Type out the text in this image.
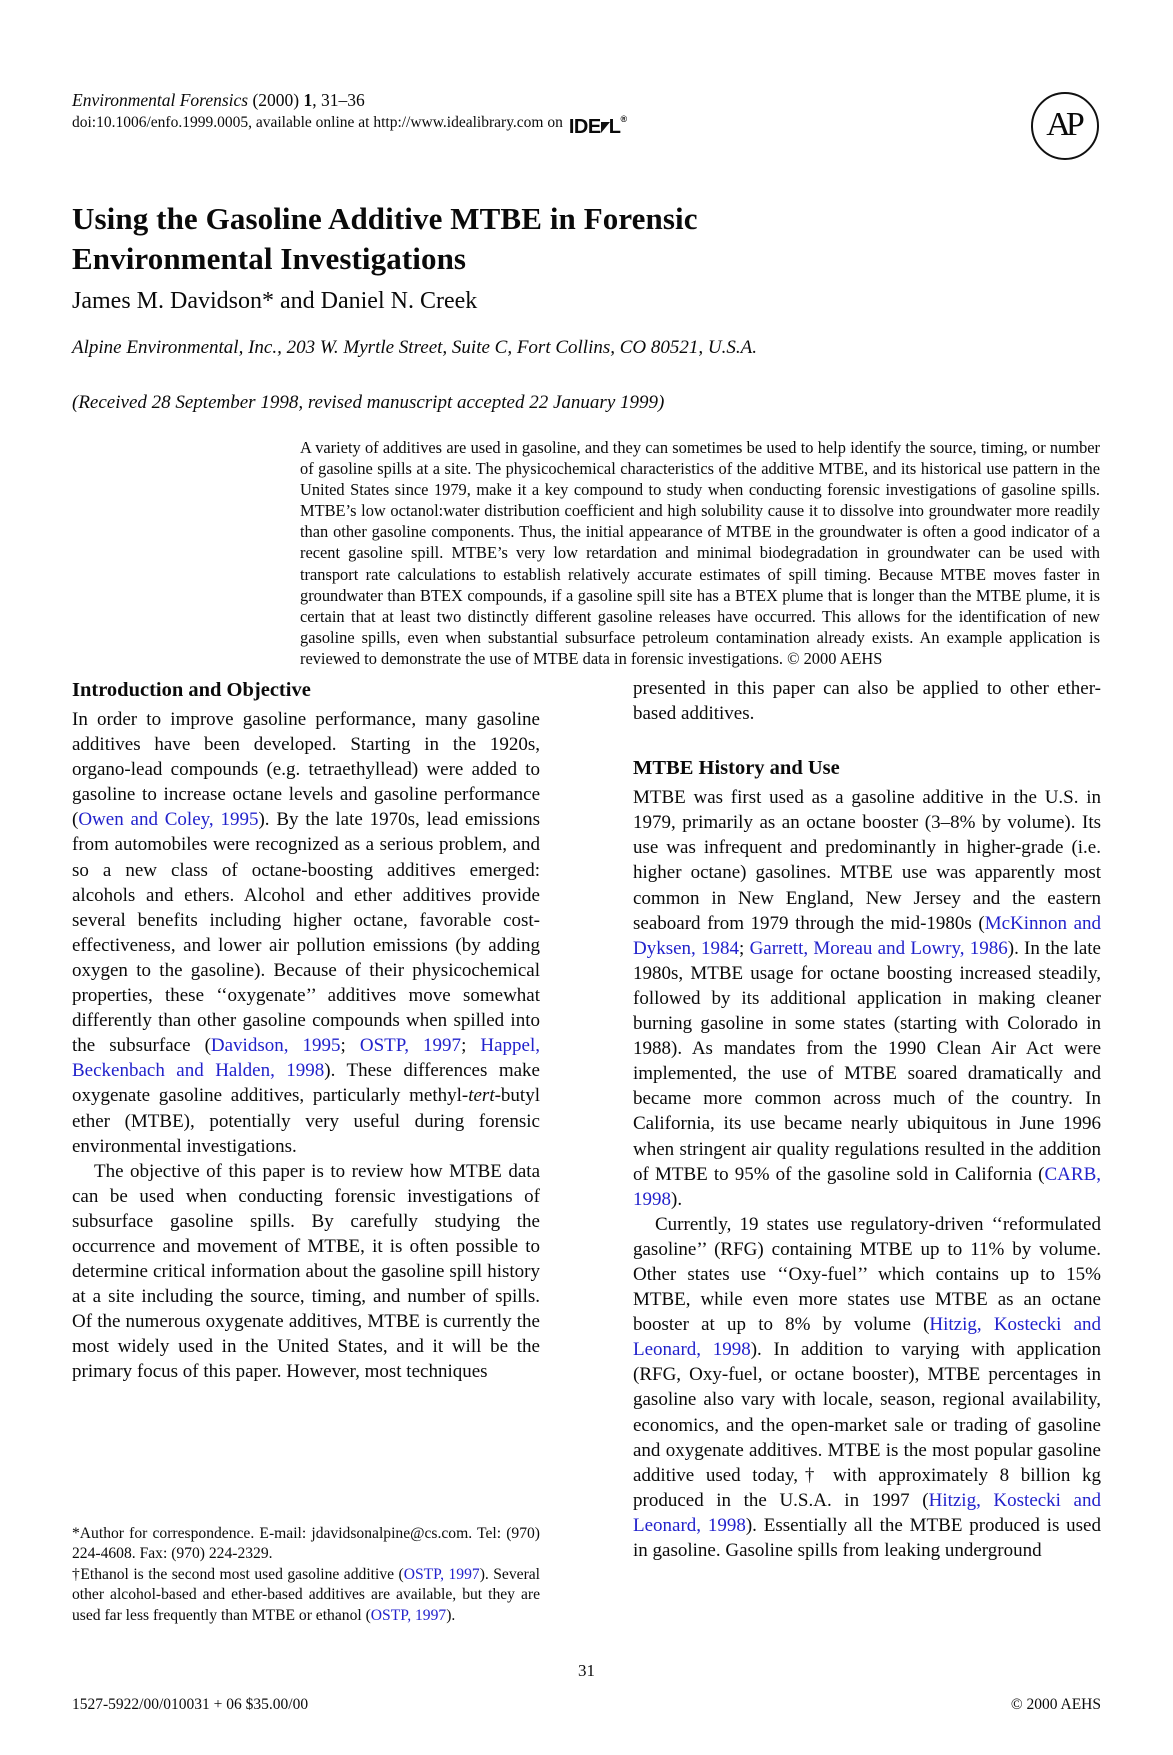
Environmental Forensics (2000) 1, 31–36
doi:10.1006/enfo.1999.0005, available online at http://www.idealibrary.com on IDE L ®	AP
Using the Gasoline Additive MTBE in Forensic Environmental Investigations
James M. Davidson* and Daniel N. Creek
Alpine Environmental, Inc., 203 W. Myrtle Street, Suite C, Fort Collins, CO 80521, U.S.A.
(Received 28 September 1998, revised manuscript accepted 22 January 1999)

A variety of additives are used in gasoline, and they can sometimes be used to help identify the source, timing, or number of gasoline spills at a site. The physicochemical characteristics of the additive MTBE, and its historical use pattern in the United States since 1979, make it a key compound to study when conducting forensic investigations of gasoline spills. MTBE’s low octanol:water distribution coefficient and high solubility cause it to dissolve into groundwater more readily than other gasoline components. Thus, the initial appearance of MTBE in the groundwater is often a good indicator of a recent gasoline spill. MTBE’s very low retardation and minimal biodegradation in groundwater can be used with transport rate calculations to establish relatively accurate estimates of spill timing. Because MTBE moves faster in groundwater than BTEX compounds, if a gasoline spill site has a BTEX plume that is longer than the MTBE plume, it is certain that at least two distinctly different gasoline releases have occurred. This allows for the identification of new gasoline spills, even when substantial subsurface petroleum contamination already exists. An example application is reviewed to demonstrate the use of MTBE data in forensic investigations. © 2000 AEHS

Introduction and Objective

In order to improve gasoline performance, many gasoline additives have been developed. Starting in the 1920s, organo-lead compounds (e.g. tetraethyllead) were added to gasoline to increase octane levels and gasoline performance (Owen and Coley, 1995). By the late 1970s, lead emissions from automobiles were recognized as a serious problem, and so a new class of octane-boosting additives emerged: alcohols and ethers. Alcohol and ether additives provide several benefits including higher octane, favorable cost-effectiveness, and lower air pollution emissions (by adding oxygen to the gasoline). Because of their physicochemical properties, these ‘‘oxygenate’’ additives move somewhat differently than other gasoline compounds when spilled into the subsurface (Davidson, 1995; OSTP, 1997; Happel, Beckenbach and Halden, 1998). These differences make oxygenate gasoline additives, particularly methyl-tert-butyl ether (MTBE), potentially very useful during forensic environmental investigations.

The objective of this paper is to review how MTBE data can be used when conducting forensic investigations of subsurface gasoline spills. By carefully studying the occurrence and movement of MTBE, it is often possible to determine critical information about the gasoline spill history at a site including the source, timing, and number of spills. Of the numerous oxygenate additives, MTBE is currently the most widely used in the United States, and it will be the primary focus of this paper. However, most techniques

presented in this paper can also be applied to other ether-based additives.

MTBE History and Use

MTBE was first used as a gasoline additive in the U.S. in 1979, primarily as an octane booster (3–8% by volume). Its use was infrequent and predominantly in higher-grade (i.e. higher octane) gasolines. MTBE use was apparently most common in New England, New Jersey and the eastern seaboard from 1979 through the mid-1980s (McKinnon and Dyksen, 1984; Garrett, Moreau and Lowry, 1986). In the late 1980s, MTBE usage for octane boosting increased steadily, followed by its additional application in making cleaner burning gasoline in some states (starting with Colorado in 1988). As mandates from the 1990 Clean Air Act were implemented, the use of MTBE soared dramatically and became more common across much of the country. In California, its use became nearly ubiquitous in June 1996 when stringent air quality regulations resulted in the addition of MTBE to 95% of the gasoline sold in California (CARB, 1998).

Currently, 19 states use regulatory-driven ‘‘reformulated gasoline’’ (RFG) containing MTBE up to 11% by volume. Other states use ‘‘Oxy-fuel’’ which contains up to 15% MTBE, while even more states use MTBE as an octane booster at up to 8% by volume (Hitzig, Kostecki and Leonard, 1998). In addition to varying with application (RFG, Oxy-fuel, or octane booster), MTBE percentages in gasoline also vary with locale, season, regional availability, economics, and the open-market sale or trading of gasoline and oxygenate additives. MTBE is the most popular gasoline additive used today,† with approximately 8 billion kg produced in the U.S.A. in 1997 (Hitzig, Kostecki and Leonard, 1998). Essentially all the MTBE produced is used in gasoline. Gasoline spills from leaking underground

*Author for correspondence. E-mail: jdavidsonalpine@cs.com. Tel: (970) 224-4608. Fax: (970) 224-2329.

†Ethanol is the second most used gasoline additive (OSTP, 1997). Several other alcohol-based and ether-based additives are available, but they are used far less frequently than MTBE or ethanol (OSTP, 1997).

31
1527-5922/00/010031 + 06 $35.00/00	© 2000 AEHS
